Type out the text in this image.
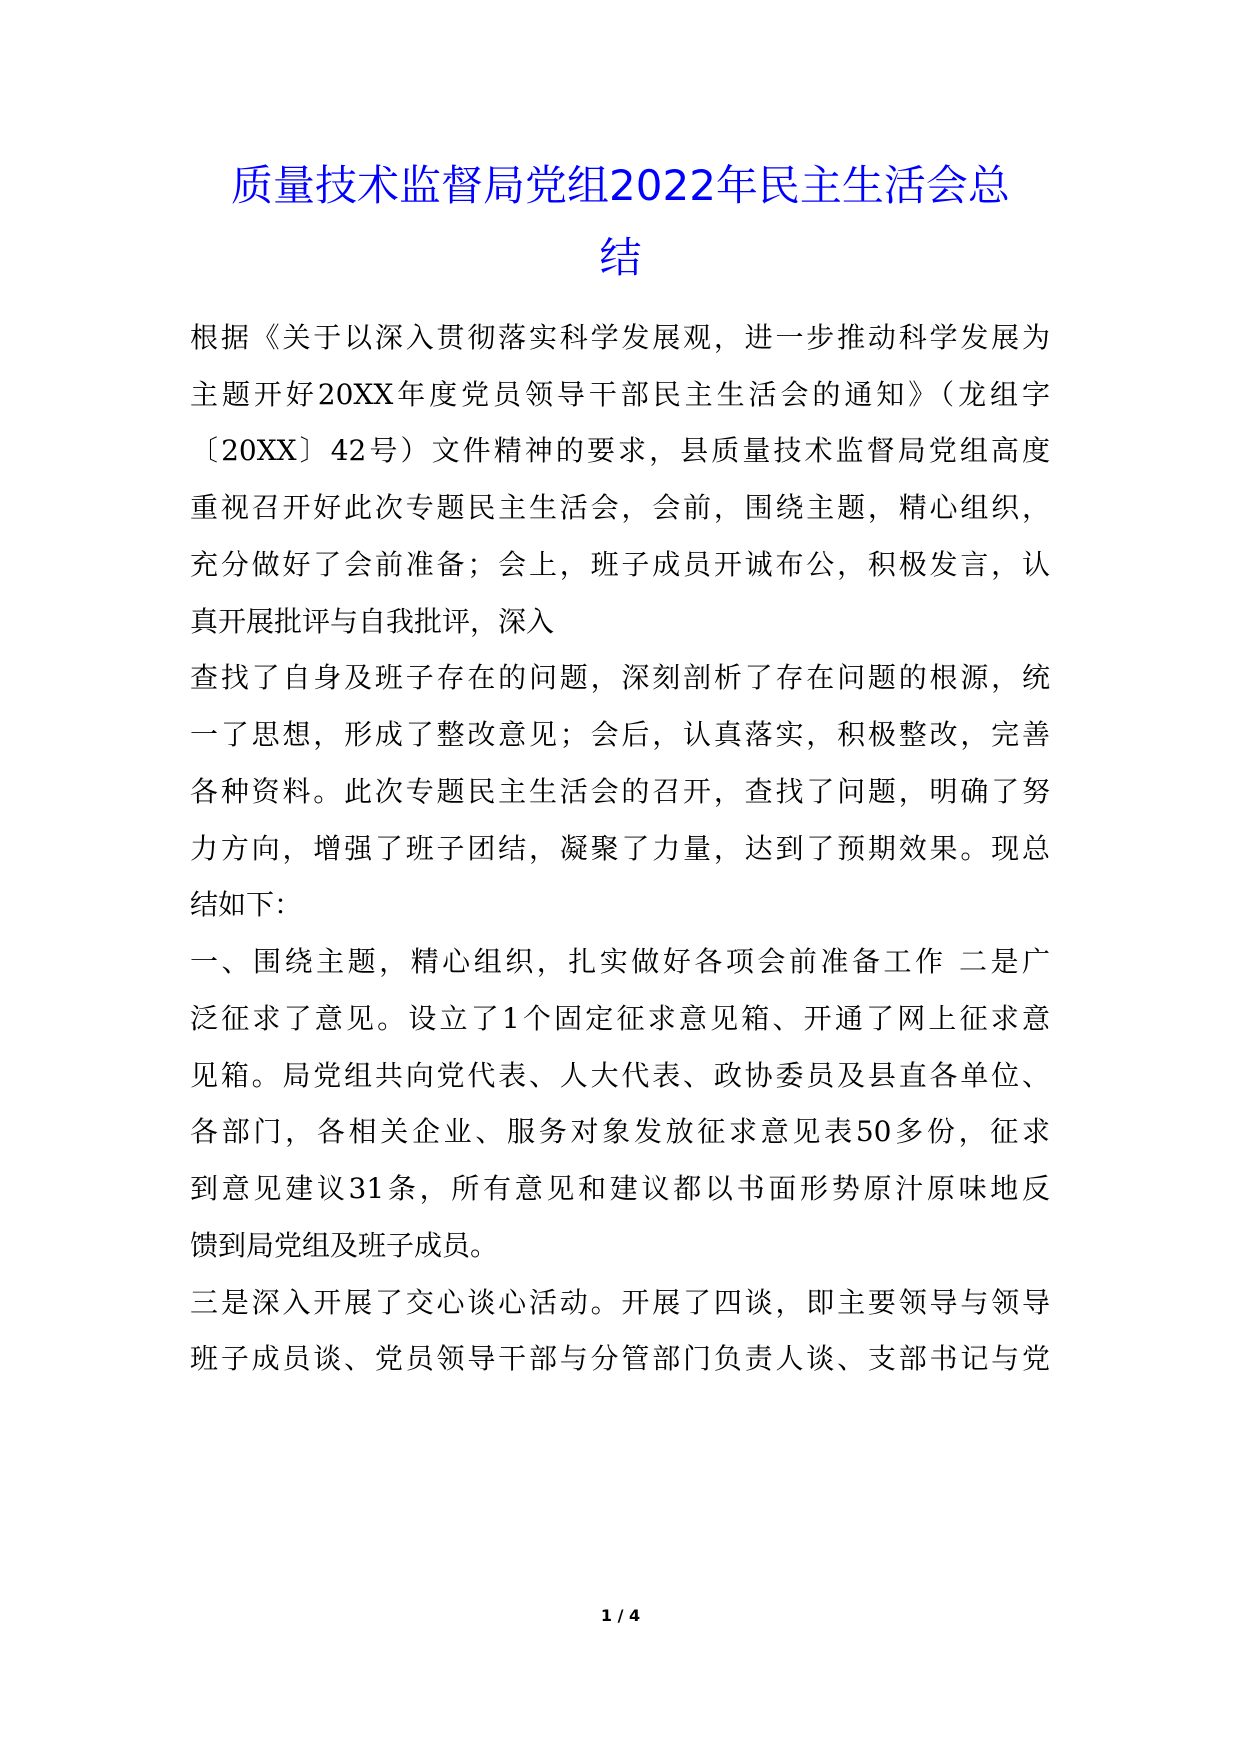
质量技术监督局党组2022年民主生活会总
结
根据《关于以深入贯彻落实科学发展观，进一步推动科学发展为
主题开好20XX年度党员领导干部民主生活会的通知》（龙组字
〔20XX〕42号）文件精神的要求，县质量技术监督局党组高度
重视召开好此次专题民主生活会，会前，围绕主题，精心组织，
充分做好了会前准备；会上，班子成员开诚布公，积极发言，认
真开展批评与自我批评，深入
查找了自身及班子存在的问题，深刻剖析了存在问题的根源，统
一了思想，形成了整改意见；会后，认真落实，积极整改，完善
各种资料。此次专题民主生活会的召开，查找了问题，明确了努
力方向，增强了班子团结，凝聚了力量，达到了预期效果。现总
结如下：
一、围绕主题，精心组织，扎实做好各项会前准备工作 二是广
泛征求了意见。设立了1个固定征求意见箱、开通了网上征求意
见箱。局党组共向党代表、人大代表、政协委员及县直各单位、
各部门，各相关企业、服务对象发放征求意见表50多份，征求
到意见建议31条，所有意见和建议都以书面形势原汁原味地反
馈到局党组及班子成员。
三是深入开展了交心谈心活动。开展了四谈，即主要领导与领导
班子成员谈、党员领导干部与分管部门负责人谈、支部书记与党
1 / 4
